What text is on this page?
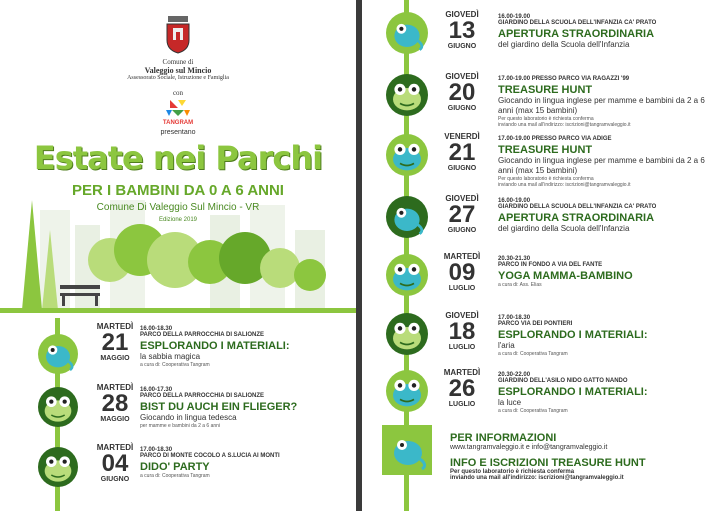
Comune di
Valeggio sul Mincio
Assessorato Sociale, Istruzione e Famiglia
con
TANGRAM
presentano
Estate nei Parchi
PER I BAMBINI DA 0 A 6 ANNI
Comune Di Valeggio Sul Mincio - VR
Edizione 2019
MARTEDÌ
21
MAGGIO
16.00-18.30
PARCO DELLA PARROCCHIA DI SALIONZE
ESPLORANDO I MATERIALI:
la sabbia magica
a cura di: Cooperativa Tangram
MARTEDÌ
28
MAGGIO
16.00-17.30
PARCO DELLA PARROCCHIA DI SALIONZE
BIST DU AUCH EIN FLIEGER?
Giocando in lingua tedesca
per mamme e bambini da 2 a 6 anni
MARTEDÌ
04
GIUGNO
17.00-18.30
PARCO DI MONTE COCOLO A S.LUCIA AI MONTI
DIDO' PARTY
a cura di: Cooperativa Tangram
GIOVEDÌ
13
GIUGNO
16.00-19.00
GIARDINO DELLA SCUOLA DELL'INFANZIA CA' PRATO
APERTURA STRAORDINARIA
del giardino della Scuola dell'Infanzia
GIOVEDÌ
20
GIUGNO
17.00-19.00 PRESSO PARCO VIA RAGAZZI '99
TREASURE HUNT
Giocando in lingua inglese per mamme e bambini da 2 a 6 anni (max 15 bambini)
Per questo laboratorio è richiesta conferma
inviando una mail all'indirizzo: iscrizioni@tangramvaleggio.it
VENERDÌ
21
GIUGNO
17.00-19.00 PRESSO PARCO VIA ADIGE
TREASURE HUNT
Giocando in lingua inglese per mamme e bambini da 2 a 6 anni (max 15 bambini)
Per questo laboratorio è richiesta conferma
inviando una mail all'indirizzo: iscrizioni@tangramvaleggio.it
GIOVEDÌ
27
GIUGNO
16.00-19.00
GIARDINO DELLA SCUOLA DELL'INFANZIA CA' PRATO
APERTURA STRAORDINARIA
del giardino della Scuola dell'Infanzia
MARTEDÌ
09
LUGLIO
20.30-21.30
PARCO IN FONDO A VIA DEL FANTE
YOGA MAMMA-BAMBINO
a cura di: Ass. Elias
GIOVEDÌ
18
LUGLIO
17.00-18.30
PARCO VIA DEI PONTIERI
ESPLORANDO I MATERIALI:
l'aria
a cura di: Cooperativa Tangram
MARTEDÌ
26
LUGLIO
20.30-22.00
GIARDINO DELL'ASILO NIDO GATTO NANDO
ESPLORANDO I MATERIALI:
la luce
a cura di: Cooperativa Tangram
PER INFORMAZIONI
www.tangramvaleggio.it e info@tangramvaleggio.it
INFO E ISCRIZIONI TREASURE HUNT
Per questo laboratorio è richiesta conferma
inviando una mail all'indirizzo: iscrizioni@tangramvaleggio.it
